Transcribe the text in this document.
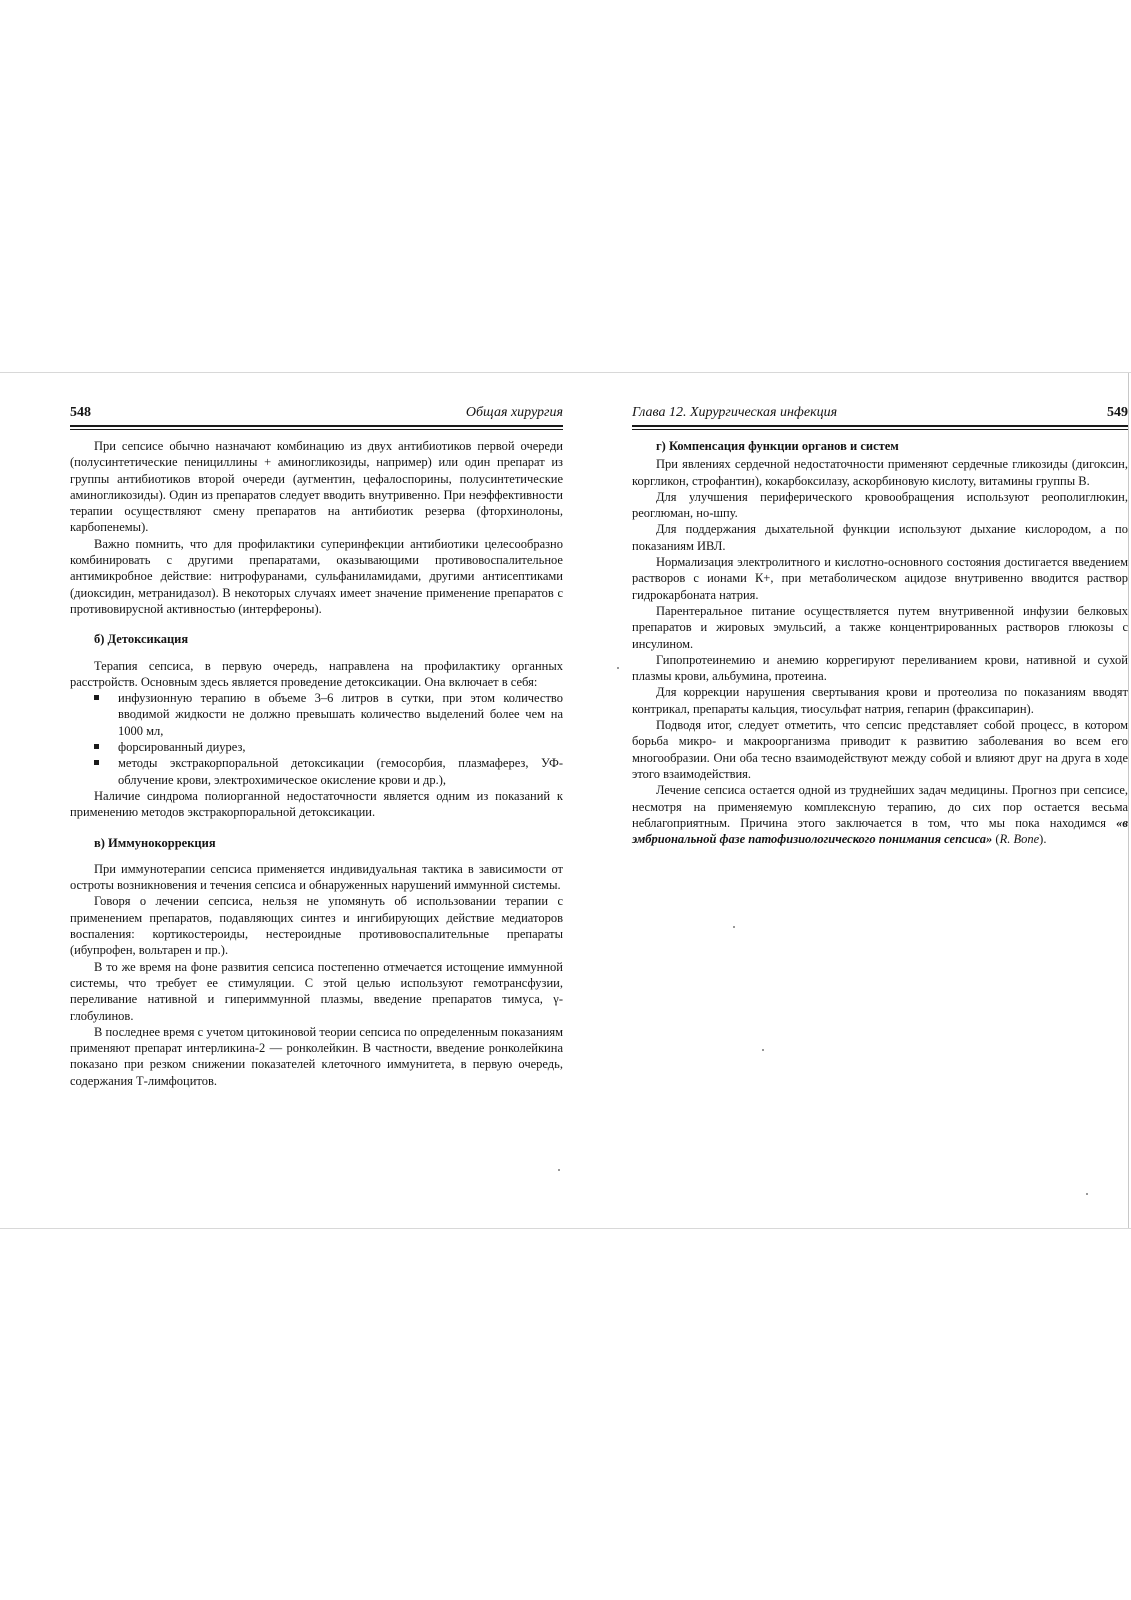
548	Общая хирургия

При сепсисе обычно назначают комбинацию из двух антибиотиков первой очереди (полусинтетические пенициллины + аминогликозиды, например) или один препарат из группы антибиотиков второй очереди (аугментин, цефалоспорины, полусинтетические аминогликозиды). Один из препаратов следует вводить внутривенно. При неэффективности терапии осуществляют смену препаратов на антибиотик резерва (фторхинолоны, карбопенемы).

Важно помнить, что для профилактики суперинфекции антибиотики целесообразно комбинировать с другими препаратами, оказывающими противовоспалительное антимикробное действие: нитрофуранами, сульфаниламидами, другими антисептиками (диоксидин, метранидазол). В некоторых случаях имеет значение применение препаратов с противовирусной активностью (интерфероны).

б) Детоксикация

Терапия сепсиса, в первую очередь, направлена на профилактику органных расстройств. Основным здесь является проведение детоксикации. Она включает в себя:

инфузионную терапию в объеме 3–6 литров в сутки, при этом количество вводимой жидкости не должно превышать количество выделений более чем на 1000 мл,
форсированный диурез,
методы экстракорпоральной детоксикации (гемосорбия, плазмаферез, УФ-облучение крови, электрохимическое окисление крови и др.),

Наличие синдрома полиорганной недостаточности является одним из показаний к применению методов экстракорпоральной детоксикации.

в) Иммунокоррекция

При иммунотерапии сепсиса применяется индивидуальная тактика в зависимости от остроты возникновения и течения сепсиса и обнаруженных нарушений иммунной системы.

Говоря о лечении сепсиса, нельзя не упомянуть об использовании терапии с применением препаратов, подавляющих синтез и ингибирующих действие медиаторов воспаления: кортикостероиды, нестероидные противовоспалительные препараты (ибупрофен, вольтарен и пр.).

В то же время на фоне развития сепсиса постепенно отмечается истощение иммунной системы, что требует ее стимуляции. С этой целью используют гемотрансфузии, переливание нативной и гипериммунной плазмы, введение препаратов тимуса, γ-глобулинов.

В последнее время с учетом цитокиновой теории сепсиса по определенным показаниям применяют препарат интерликина-2 — ронколейкин. В частности, введение ронколейкина показано при резком снижении показателей клеточного иммунитета, в первую очередь, содержания Т-лимфоцитов.

Глава 12. Хирургическая инфекция	549
г) Компенсация функции органов и систем

При явлениях сердечной недостаточности применяют сердечные гликозиды (дигоксин, коргликон, строфантин), кокарбоксилазу, аскорбиновую кислоту, витамины группы В.

Для улучшения периферического кровообращения используют реополиглюкин, реоглюман, но-шпу.

Для поддержания дыхательной функции используют дыхание кислородом, а по показаниям ИВЛ.

Нормализация электролитного и кислотно-основного состояния достигается введением растворов с ионами К+, при метаболическом ацидозе внутривенно вводится раствор гидрокарбоната натрия.

Парентеральное питание осуществляется путем внутривенной инфузии белковых препаратов и жировых эмульсий, а также концентрированных растворов глюкозы с инсулином.

Гипопротеинемию и анемию коррегируют переливанием крови, нативной и сухой плазмы крови, альбумина, протеина.

Для коррекции нарушения свертывания крови и протеолиза по показаниям вводят контрикал, препараты кальция, тиосульфат натрия, гепарин (фраксипарин).

Подводя итог, следует отметить, что сепсис представляет собой процесс, в котором борьба микро- и макроорганизма приводит к развитию заболевания во всем его многообразии. Они оба тесно взаимодействуют между собой и влияют друг на друга в ходе этого взаимодействия.

Лечение сепсиса остается одной из труднейших задач медицины. Прогноз при сепсисе, несмотря на применяемую комплексную терапию, до сих пор остается весьма неблагоприятным. Причина этого заключается в том, что мы пока находимся «в эмбриональной фазе патофизиологического понимания сепсиса» (R. Bone).
